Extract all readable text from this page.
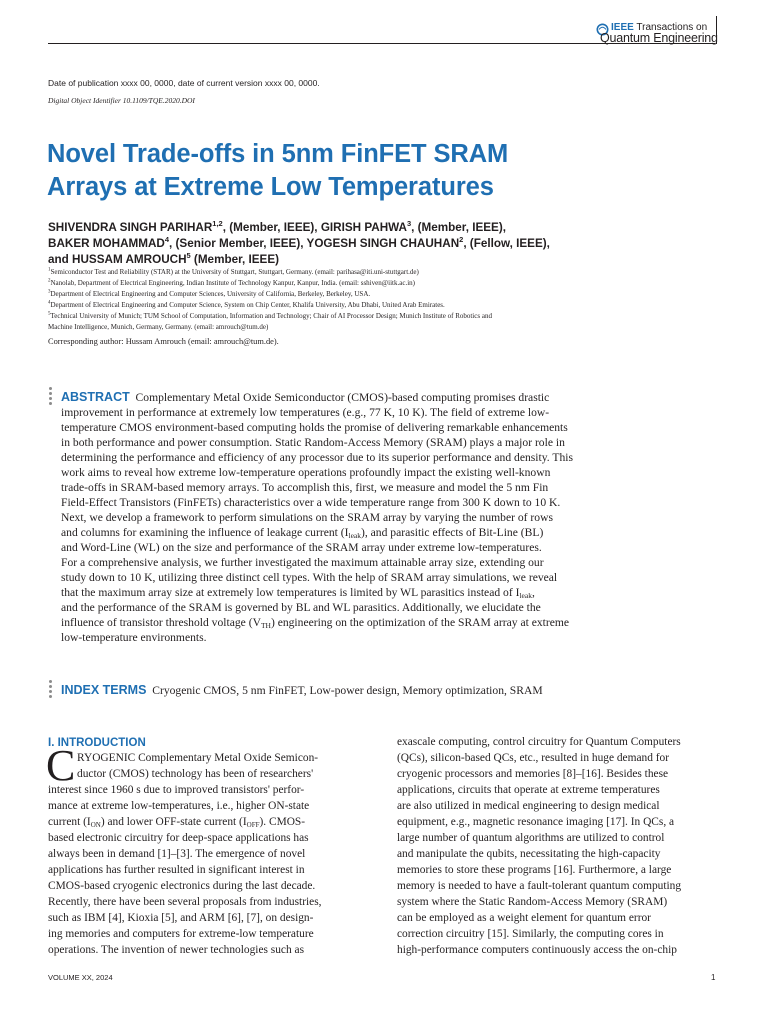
IEEE Transactions on
Quantum Engineering
Date of publication xxxx 00, 0000, date of current version xxxx 00, 0000.
Digital Object Identifier 10.1109/TQE.2020.DOI
Novel Trade-offs in 5nm FinFET SRAM
Arrays at Extreme Low Temperatures
SHIVENDRA SINGH PARIHAR$^{1,2}$, (Member, IEEE), GIRISH PAHWA$^3$, (Member, IEEE),
BAKER MOHAMMAD$^4$, (Senior Member, IEEE), YOGESH SINGH CHAUHAN$^2$, (Fellow, IEEE),
and HUSSAM AMROUCH$^5$ (Member, IEEE)
$^1$Semiconductor Test and Reliability (STAR) at the University of Stuttgart, Stuttgart, Germany. (email: parihasa@iti.uni-stuttgart.de)
$^2$Nanolab, Department of Electrical Engineering, Indian Institute of Technology Kanpur, Kanpur, India. (email: sshiven@iitk.ac.in)
$^3$Department of Electrical Engineering and Computer Sciences, University of California, Berkeley, Berkeley, USA.
$^4$Department of Electrical Engineering and Computer Science, System on Chip Center, Khalifa University, Abu Dhabi, United Arab Emirates.
$^5$Technical University of Munich; TUM School of Computation, Information and Technology; Chair of AI Processor Design; Munich Institute of Robotics and
Machine Intelligence, Munich, Germany, Germany. (email: amrouch@tum.de)
Corresponding author: Hussam Amrouch (email: amrouch@tum.de).
ABSTRACT Complementary Metal Oxide Semiconductor (CMOS)-based computing promises drastic
improvement in performance at extremely low temperatures (e.g., 77 K, 10 K). The field of extreme low-
temperature CMOS environment-based computing holds the promise of delivering remarkable enhancements
in both performance and power consumption. Static Random-Access Memory (SRAM) plays a major role in
determining the performance and efficiency of any processor due to its superior performance and density. This
work aims to reveal how extreme low-temperature operations profoundly impact the existing well-known
trade-offs in SRAM-based memory arrays. To accomplish this, first, we measure and model the 5 nm Fin
Field-Effect Transistors (FinFETs) characteristics over a wide temperature range from 300 K down to 10 K.
Next, we develop a framework to perform simulations on the SRAM array by varying the number of rows
and columns for examining the influence of leakage current $(I_{leak})$, and parasitic effects of Bit-Line (BL)
and Word-Line (WL) on the size and performance of the SRAM array under extreme low-temperatures.
For a comprehensive analysis, we further investigated the maximum attainable array size, extending our
study down to 10 K, utilizing three distinct cell types. With the help of SRAM array simulations, we reveal
that the maximum array size at extremely low temperatures is limited by WL parasitics instead of $I_{leak}$,
and the performance of the SRAM is governed by BL and WL parasitics. Additionally, we elucidate the
influence of transistor threshold voltage $(V_{TH})$ engineering on the optimization of the SRAM array at extreme
low-temperature environments.
INDEX TERMS Cryogenic CMOS, 5 nm FinFET, Low-power design, Memory optimization, SRAM
I. INTRODUCTION
C RYOGENIC Complementary Metal Oxide Semicon-
ductor (CMOS) technology has been of researchers'
interest since 1960 s due to improved transistors' perfor-
mance at extreme low-temperatures, i.e., higher ON-state
current $(I_{ON})$ and lower OFF-state current $(I_{OFF})$. CMOS-
based electronic circuitry for deep-space applications has
always been in demand [1]–[3]. The emergence of novel
applications has further resulted in significant interest in
CMOS-based cryogenic electronics during the last decade.
Recently, there have been several proposals from industries,
such as IBM [4], Kioxia [5], and ARM [6], [7], on design-
ing memories and computers for extreme-low temperature
operations. The invention of newer technologies such as
exascale computing, control circuitry for Quantum Computers
(QCs), silicon-based QCs, etc., resulted in huge demand for
cryogenic processors and memories [8]–[16]. Besides these
applications, circuits that operate at extreme temperatures
are also utilized in medical engineering to design medical
equipment, e.g., magnetic resonance imaging [17]. In QCs, a
large number of quantum algorithms are utilized to control
and manipulate the qubits, necessitating the high-capacity
memories to store these programs [16]. Furthermore, a large
memory is needed to have a fault-tolerant quantum computing
system where the Static Random-Access Memory (SRAM)
can be employed as a weight element for quantum error
correction circuitry [15]. Similarly, the computing cores in
high-performance computers continuously access the on-chip
VOLUME XX, 2024	1
